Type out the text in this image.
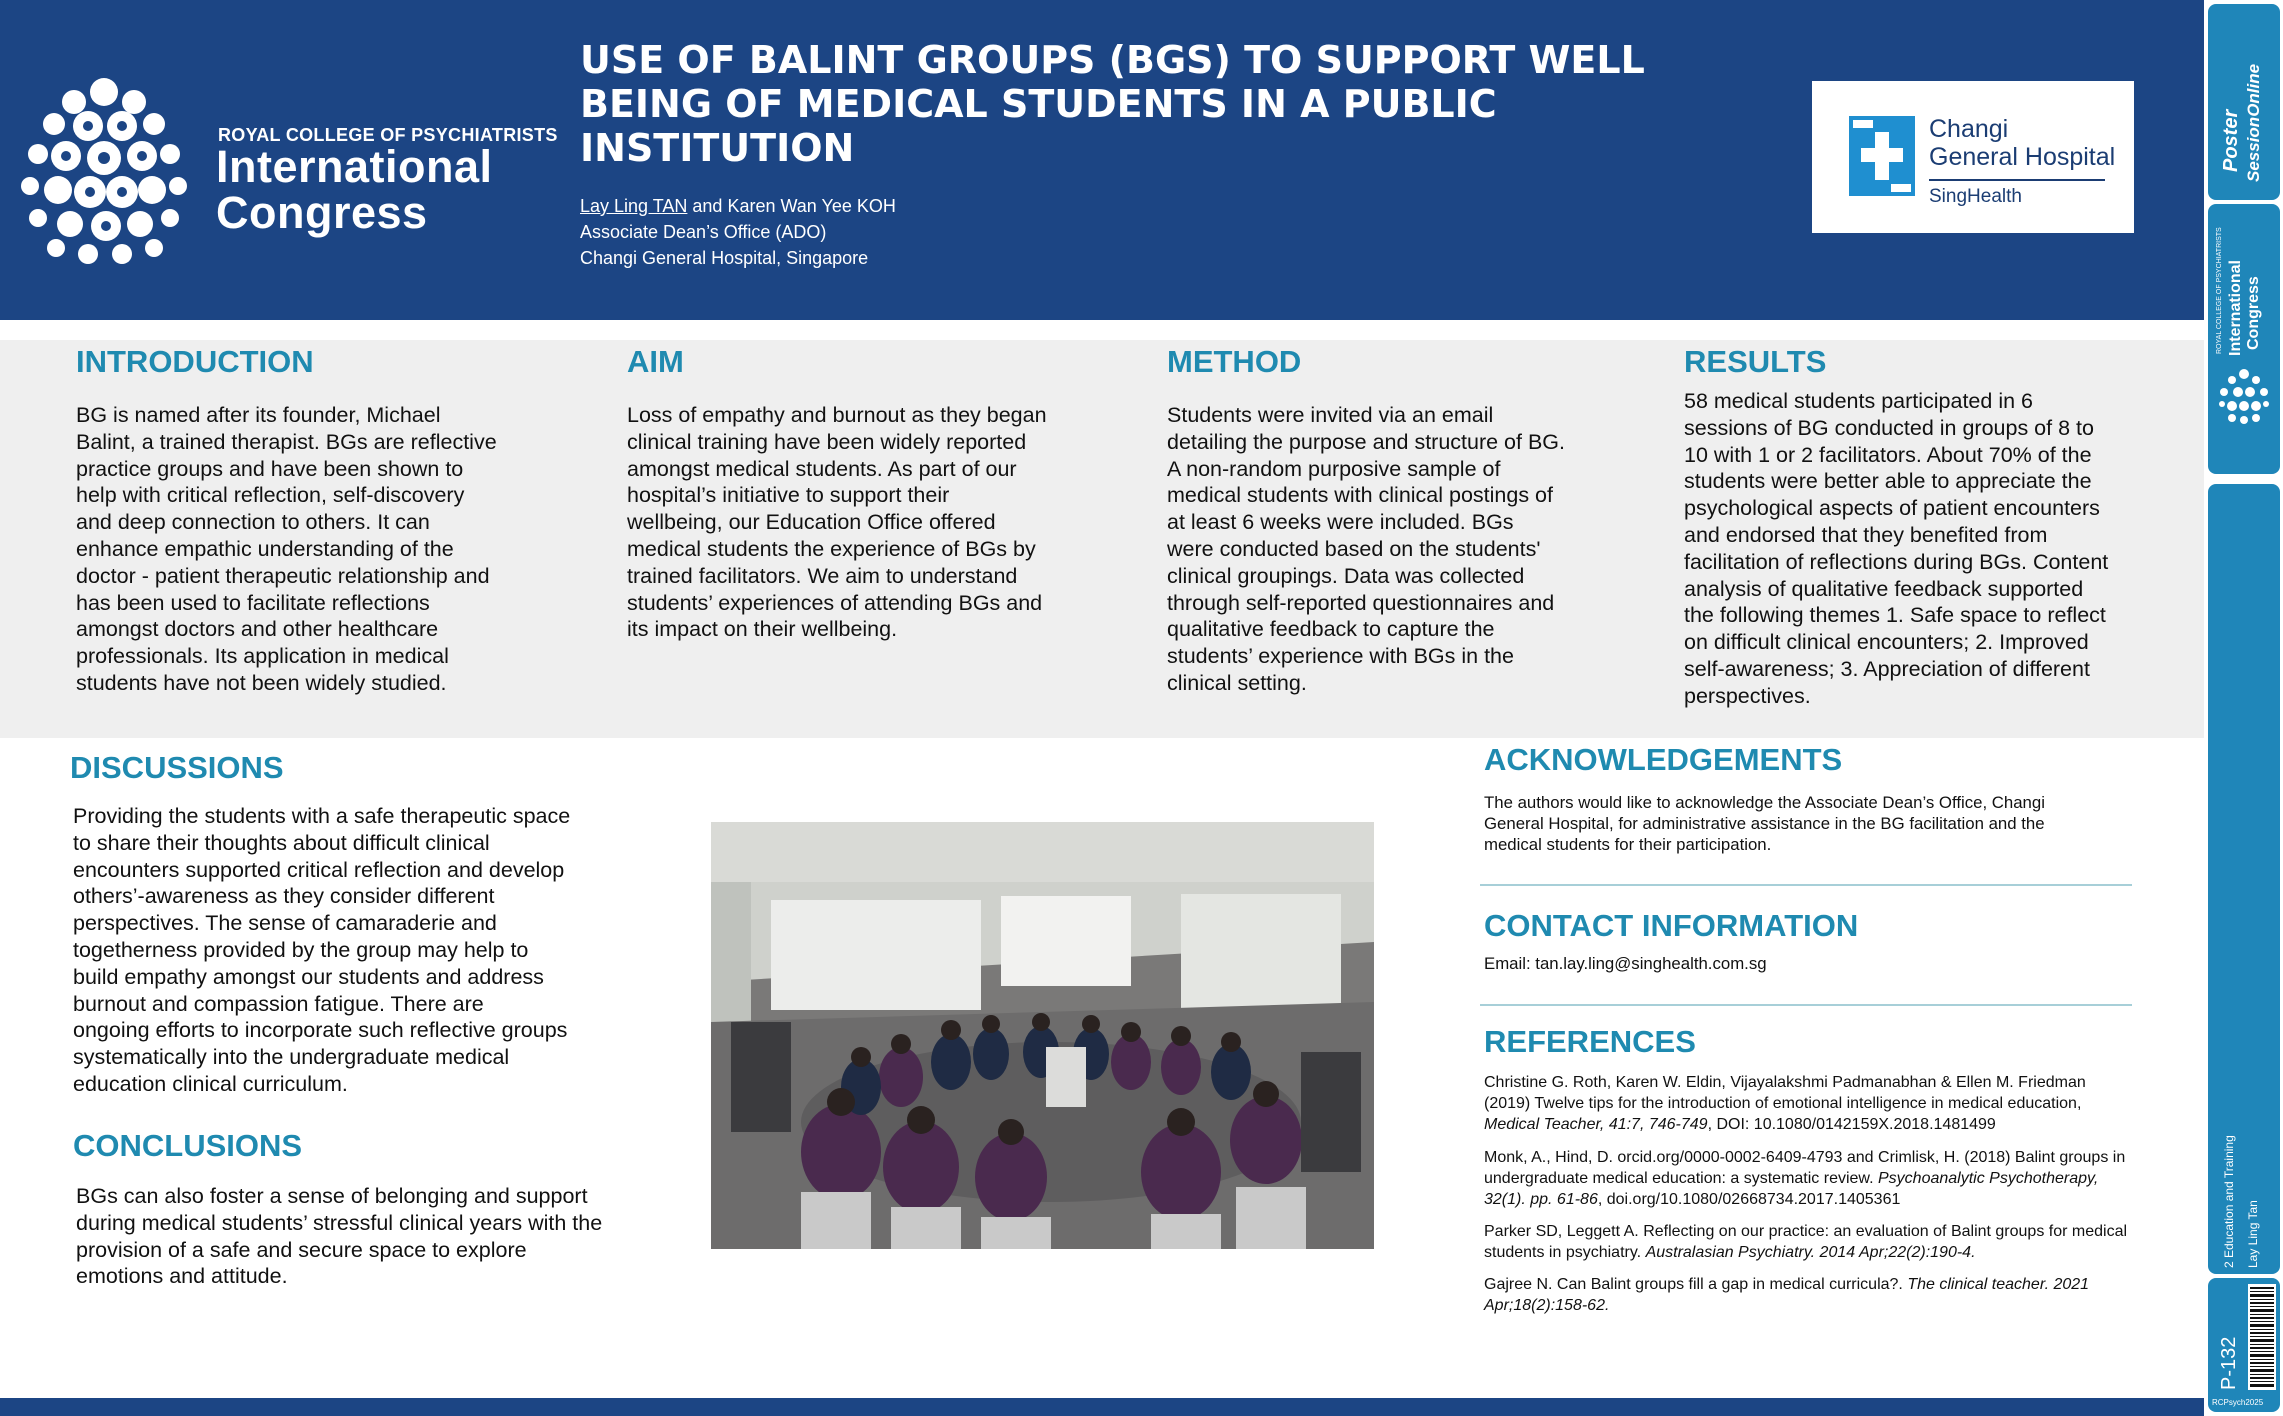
ROYAL COLLEGE OF PSYCHIATRISTS
International
Congress
USE OF BALINT GROUPS (BGS) TO SUPPORT WELL BEING OF MEDICAL STUDENTS IN A PUBLIC INSTITUTION
Lay Ling TAN and Karen Wan Yee KOH
Associate Dean’s Office (ADO)
Changi General Hospital, Singapore
Changi
General Hospital
SingHealth
INTRODUCTION
BG is named after its founder, Michael
Balint, a trained therapist. BGs are reflective
practice groups and have been shown to
help with critical reflection, self-discovery
and deep connection to others. It can
enhance empathic understanding of the
doctor - patient therapeutic relationship and
has been used to facilitate reflections
amongst doctors and other healthcare
professionals. Its application in medical
students have not been widely studied.
AIM
Loss of empathy and burnout as they began
clinical training have been widely reported
amongst medical students. As part of our
hospital’s initiative to support their
wellbeing, our Education Office offered
medical students the experience of BGs by
trained facilitators. We aim to understand
students’ experiences of attending BGs and
its impact on their wellbeing.
METHOD
Students were invited via an email
detailing the purpose and structure of BG.
A non-random purposive sample of
medical students with clinical postings of
at least 6 weeks were included. BGs
were conducted based on the students'
clinical groupings. Data was collected
through self-reported questionnaires and
qualitative feedback to capture the
students’ experience with BGs in the
clinical setting.
RESULTS
58 medical students participated in 6
sessions of BG conducted in groups of 8 to
10 with 1 or 2 facilitators. About 70% of the
students were better able to appreciate the
psychological aspects of patient encounters
and endorsed that they benefited from
facilitation of reflections during BGs. Content
analysis of qualitative feedback supported
the following themes 1. Safe space to reflect
on difficult clinical encounters; 2. Improved
self-awareness; 3. Appreciation of different
perspectives.
DISCUSSIONS
Providing the students with a safe therapeutic space
to share their thoughts about difficult clinical
encounters supported critical reflection and develop
others’-awareness as they consider different
perspectives. The sense of camaraderie and
togetherness provided by the group may help to
build empathy amongst our students and address
burnout and compassion fatigue. There are
ongoing efforts to incorporate such reflective groups
systematically into the undergraduate medical
education clinical curriculum.
CONCLUSIONS
BGs can also foster a sense of belonging and support
during medical students’ stressful clinical years with the
provision of a safe and secure space to explore
emotions and attitude.
ACKNOWLEDGEMENTS
The authors would like to acknowledge the Associate Dean’s Office, Changi
General Hospital, for administrative assistance in the BG facilitation and the
medical students for their participation.
CONTACT INFORMATION
Email: tan.lay.ling@singhealth.com.sg
REFERENCES
Christine G. Roth, Karen W. Eldin, Vijayalakshmi Padmanabhan & Ellen M. Friedman (2019) Twelve tips for the introduction of emotional intelligence in medical education, Medical Teacher, 41:7, 746-749, DOI: 10.1080/0142159X.2018.1481499
Monk, A., Hind, D. orcid.org/0000-0002-6409-4793 and Crimlisk, H. (2018) Balint groups in undergraduate medical education: a systematic review. Psychoanalytic Psychotherapy, 32(1). pp. 61-86, doi.org/10.1080/02668734.2017.1405361
Parker SD, Leggett A. Reflecting on our practice: an evaluation of Balint groups for medical students in psychiatry. Australasian Psychiatry. 2014 Apr;22(2):190-4.
Gajree N. Can Balint groups fill a gap in medical curricula?. The clinical teacher. 2021 Apr;18(2):158-62.
Poster SessionOnline
ROYAL COLLEGE OF PSYCHIATRISTS International Congress
2 Education and Training Lay Ling Tan
P-132
RCPsych2025
